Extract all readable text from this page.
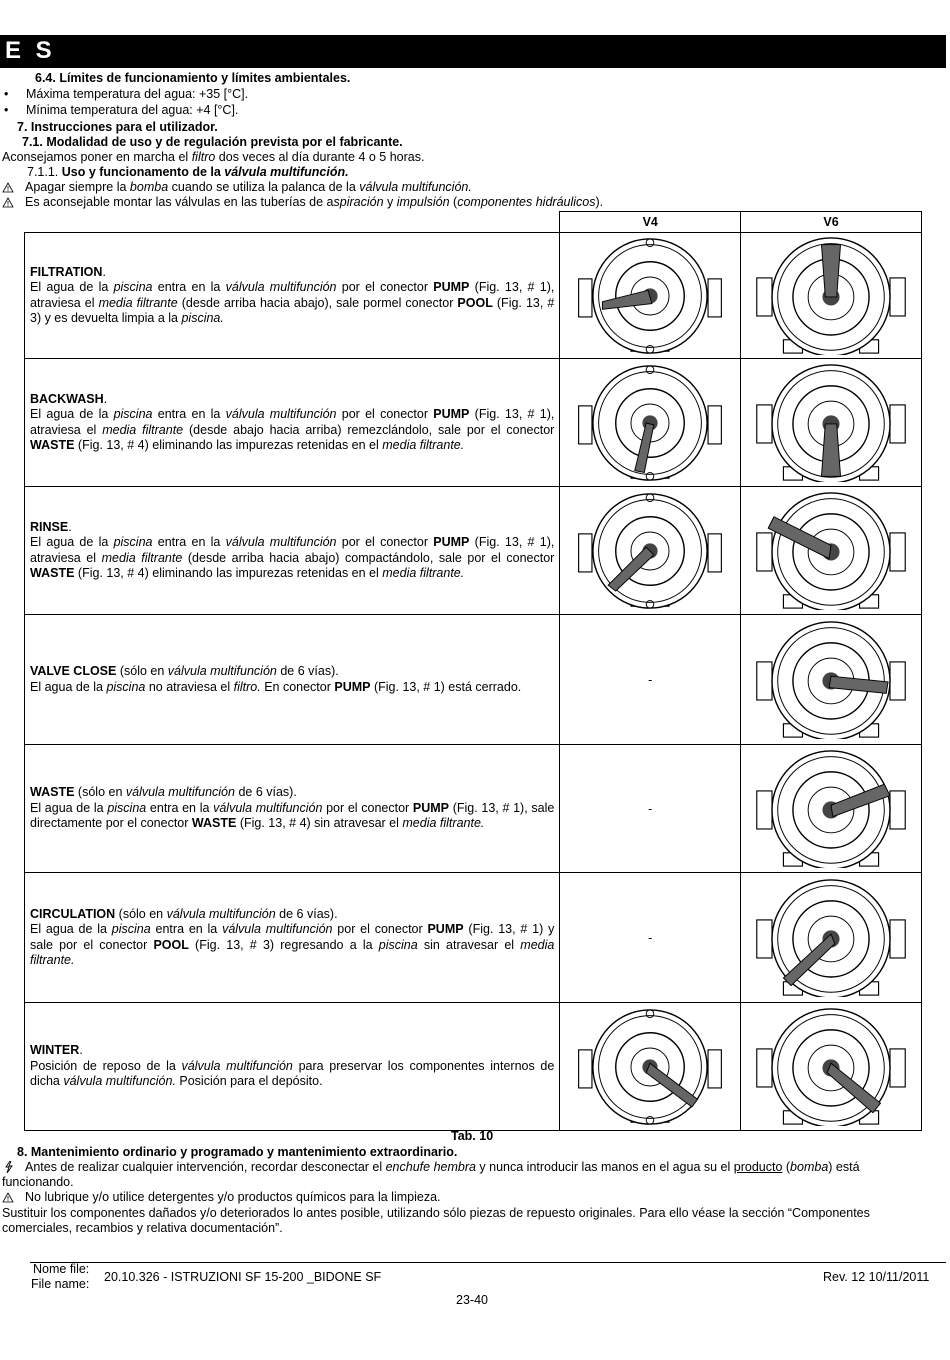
E S
6.4. Límites de funcionamiento y límites ambientales.
• Máxima temperatura del agua: +35 [°C].
• Mínima temperatura del agua: +4 [°C].
7. Instrucciones para el utilizador.
7.1. Modalidad de uso y de regulación prevista por el fabricante.
Aconsejamos poner en marcha el filtro dos veces al día durante 4 o 5 horas.
7.1.1. Uso y funcionamento de la válvula multifunción.
Apagar siempre la bomba cuando se utiliza la palanca de la válvula multifunción.
Es aconsejable montar las válvulas en las tuberías de aspiración y impulsión (componentes hidráulicos).
	V4	V6
FILTRATION.
El agua de la piscina entra en la válvula multifunción por el conector PUMP (Fig. 13, # 1), atraviesa el media filtrante (desde arriba hacia abajo), sale pormel conector POOL (Fig. 13, # 3) y es devuelta limpia a la piscina.	

BACKWASH.
El agua de la piscina entra en la válvula multifunción por el conector PUMP (Fig. 13, # 1), atraviesa el media filtrante (desde abajo hacia arriba) remezclándolo, sale por el conector WASTE (Fig. 13, # 4) eliminando las impurezas retenidas en el media filtrante.	

RINSE.
El agua de la piscina entra en la válvula multifunción por el conector PUMP (Fig. 13, # 1), atraviesa el media filtrante (desde arriba hacia abajo) compactándolo, sale por el conector WASTE (Fig. 13, # 4) eliminando las impurezas retenidas en el media filtrante.	

VALVE CLOSE (sólo en válvula multifunción de 6 vías).
El agua de la piscina no atraviesa el filtro. En conector PUMP (Fig. 13, # 1) está cerrado.	-	

WASTE (sólo en válvula multifunción de 6 vías).
El agua de la piscina entra en la válvula multifunción por el conector PUMP (Fig. 13, # 1), sale directamente por el conector WASTE (Fig. 13, # 4) sin atravesar el media filtrante.	-	

CIRCULATION (sólo en válvula multifunción de 6 vías).
El agua de la piscina entra en la válvula multifunción por el conector PUMP (Fig. 13, # 1) y sale por el conector POOL (Fig. 13, # 3) regresando a la piscina sin atravesar el media filtrante.	-	

WINTER.
Posición de reposo de la válvula multifunción para preservar los componentes internos de dicha válvula multifunción. Posición para el depósito.	

Tab. 10
8. Mantenimiento ordinario y programado y mantenimiento extraordinario.
Antes de realizar cualquier intervención, recordar desconectar el enchufe hembra y nunca introducir las manos en el agua su el producto (bomba) está
funcionando.
No lubrique y/o utilice detergentes y/o productos químicos para la limpieza.
Sustituir los componentes dañados y/o deteriorados lo antes posible, utilizando sólo piezas de repuesto originales. Para ello véase la sección “Componentes
comerciales, recambios y relativa documentación”.
Nome file:
File name: 20.10.326 - ISTRUZIONI SF 15-200 _BIDONE SF	Rev. 12 10/11/2011
23-40
